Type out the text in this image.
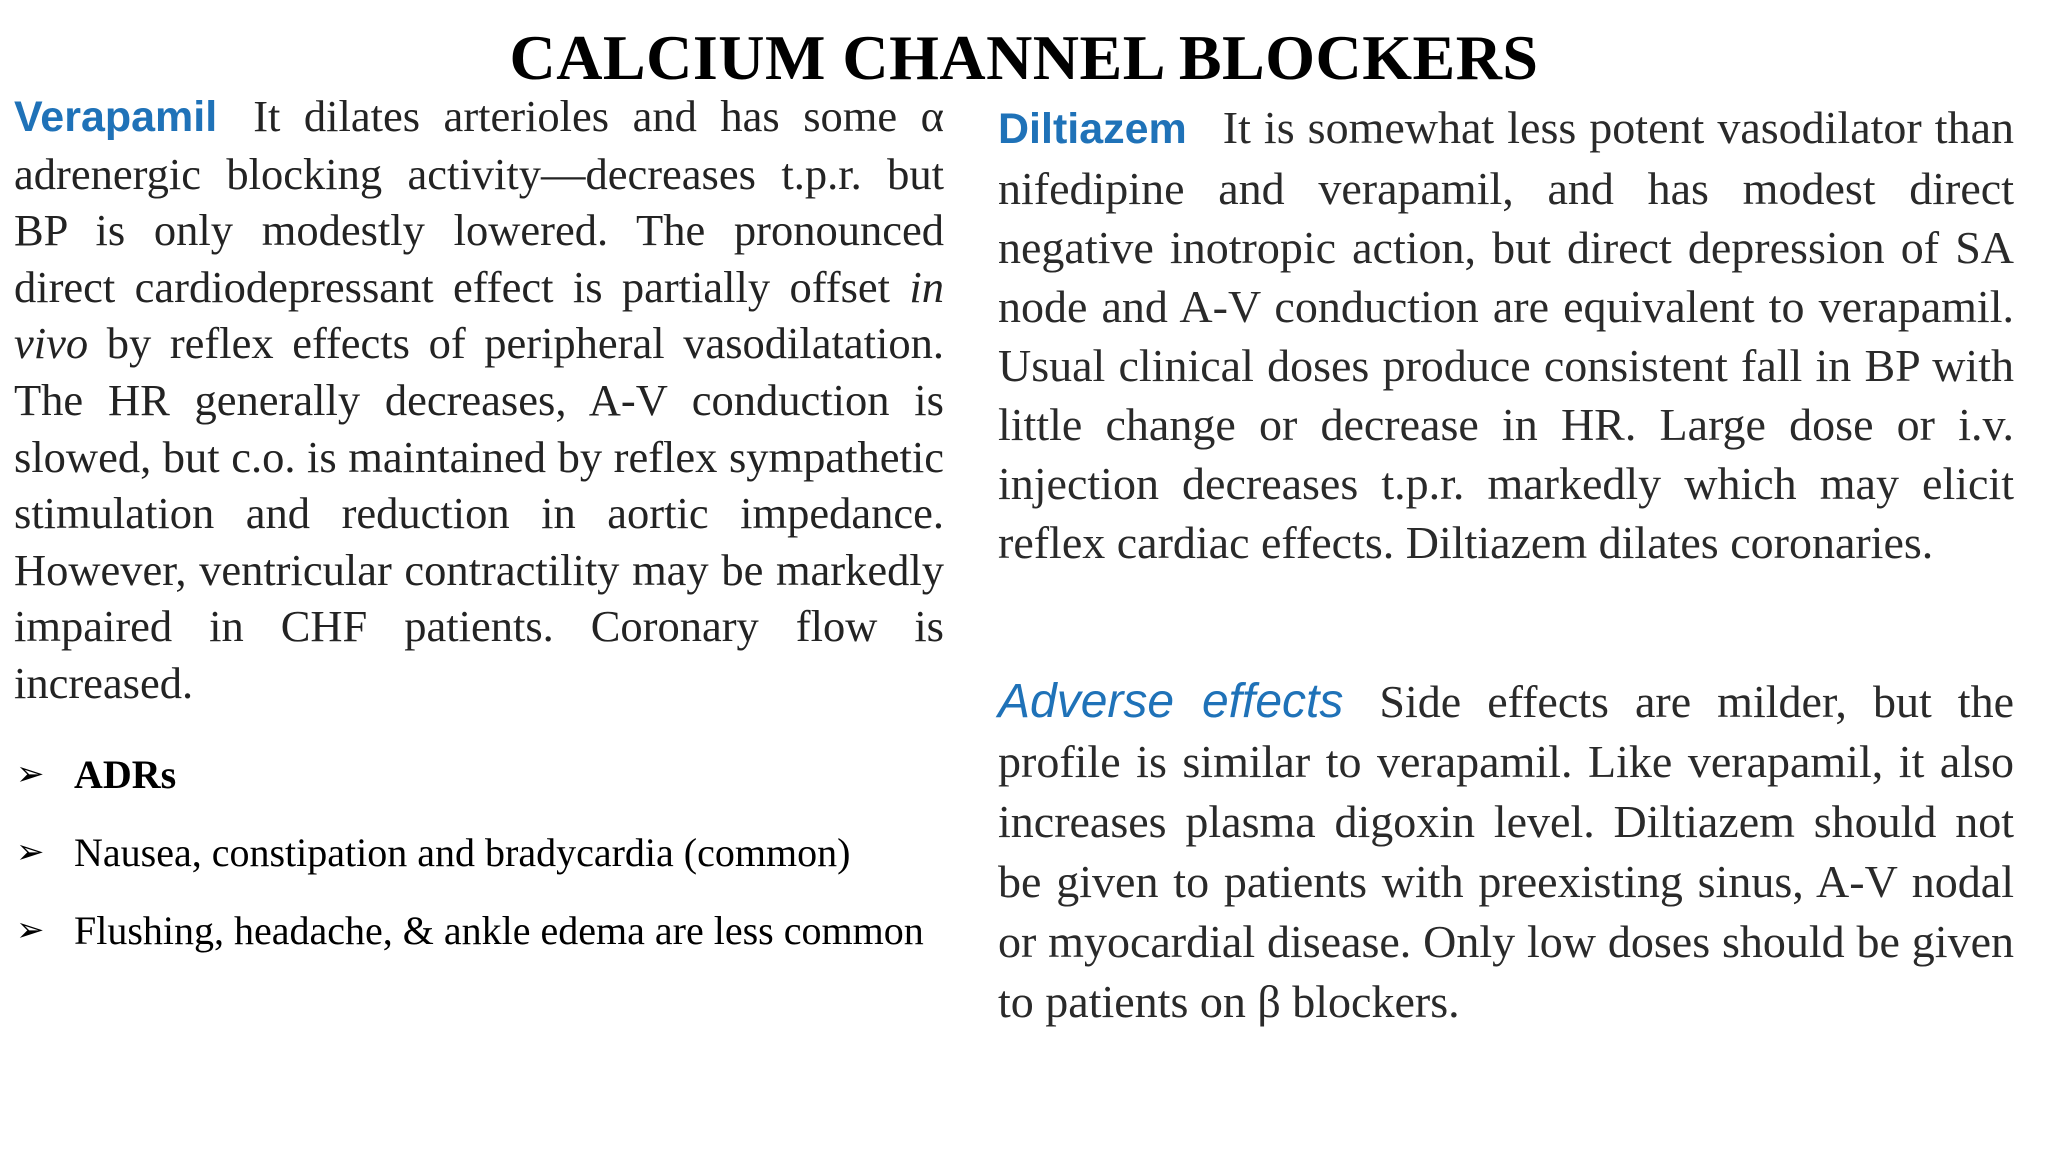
CALCIUM CHANNEL BLOCKERS
Verapamil It dilates arterioles and has some α adrenergic blocking activity—decreases t.p.r. but BP is only modestly lowered. The pronounced direct cardiodepressant effect is partially offset in vivo by reflex effects of peripheral vasodilatation. The HR generally decreases, A-V conduction is slowed, but c.o. is maintained by reflex sympathetic stimulation and reduction in aortic impedance. However, ventricular contractility may be markedly impaired in CHF patients. Coronary flow is increased.
➢ ADRs
➢ Nausea, constipation and bradycardia (common)
➢ Flushing, headache, & ankle edema are less common
Diltiazem It is somewhat less potent vasodilator than nifedipine and verapamil, and has modest direct negative inotropic action, but direct depression of SA node and A-V conduction are equivalent to verapamil. Usual clinical doses produce consistent fall in BP with little change or decrease in HR. Large dose or i.v. injection decreases t.p.r. markedly which may elicit reflex cardiac effects. Diltiazem dilates coronaries.
Adverse effects Side effects are milder, but the profile is similar to verapamil. Like verapamil, it also increases plasma digoxin level. Diltiazem should not be given to patients with preexisting sinus, A-V nodal or myocardial disease. Only low doses should be given to patients on β blockers.
